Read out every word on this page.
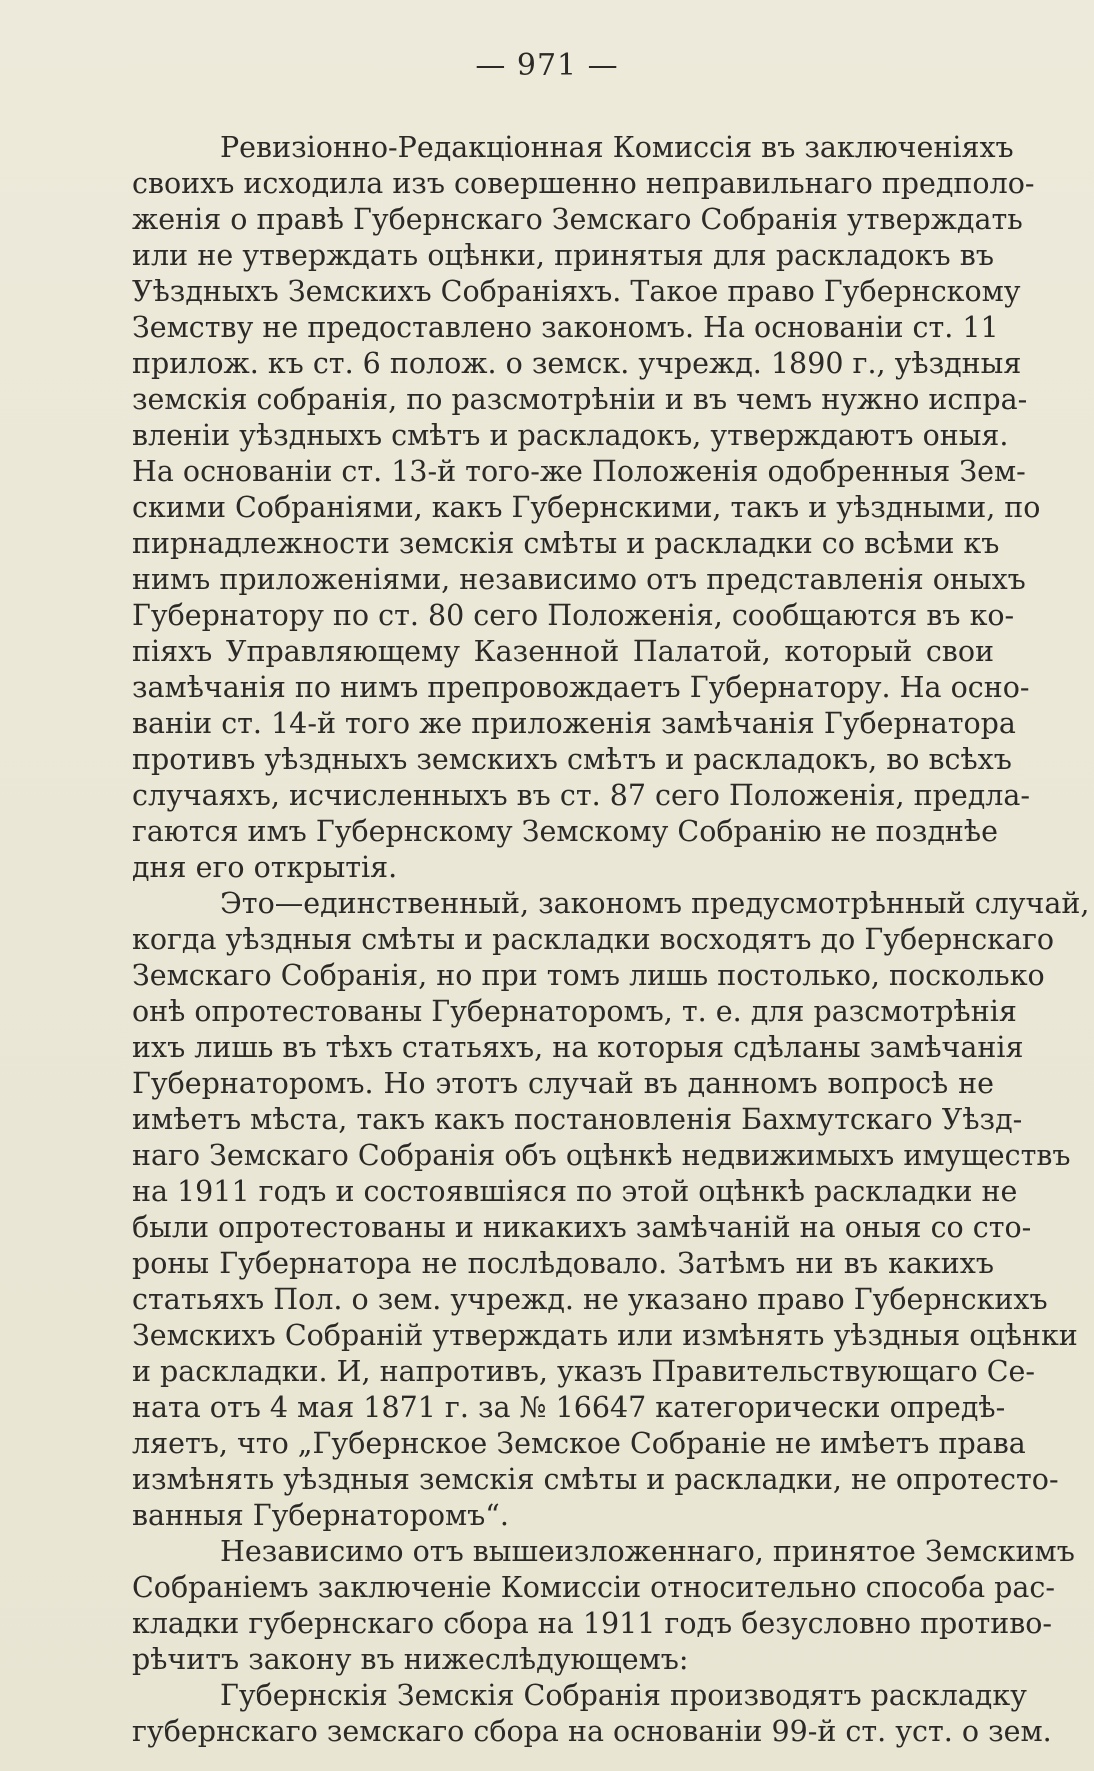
— 971 —
Ревизіонно-Редакціонная Комиссія въ заключеніяхъ
своихъ исходила изъ совершенно неправильнаго предполо-
женія о правѣ Губернскаго Земскаго Собранія утверждать
или не утверждать оцѣнки, принятыя для раскладокъ въ
Уѣздныхъ Земскихъ Собраніяхъ. Такое право Губернскому
Земству не предоставлено закономъ. На основаніи ст. 11
прилож. къ ст. 6 полож. о земск. учрежд. 1890 г., уѣздныя
земскія собранія, по разсмотрѣніи и въ чемъ нужно испра-
вленіи уѣздныхъ смѣтъ и раскладокъ, утверждаютъ оныя.
На основаніи ст. 13-й того-же Положенія одобренныя Зем-
скими Собраніями, какъ Губернскими, такъ и уѣздными, по
пирнадлежности земскія смѣты и раскладки со всѣми къ
нимъ приложеніями, независимо отъ представленія оныхъ
Губернатору по ст. 80 сего Положенія, сообщаются въ ко-
піяхъ Управляющему Казенной Палатой, который свои
замѣчанія по нимъ препровождаетъ Губернатору. На осно-
ваніи ст. 14-й того же приложенія замѣчанія Губернатора
противъ уѣздныхъ земскихъ смѣтъ и раскладокъ, во всѣхъ
случаяхъ, исчисленныхъ въ ст. 87 сего Положенія, предла-
гаются имъ Губернскому Земскому Собранію не позднѣе
дня его открытія.
Это—единственный, закономъ предусмотрѣнный случай,
когда уѣздныя смѣты и раскладки восходятъ до Губернскаго
Земскаго Собранія, но при томъ лишь постолько, посколько
онѣ опротестованы Губернаторомъ, т. е. для разсмотрѣнія
ихъ лишь въ тѣхъ статьяхъ, на которыя сдѣланы замѣчанія
Губернаторомъ. Но этотъ случай въ данномъ вопросѣ не
имѣетъ мѣста, такъ какъ постановленія Бахмутскаго Уѣзд-
наго Земскаго Собранія объ оцѣнкѣ недвижимыхъ имуществъ
на 1911 годъ и состоявшіяся по этой оцѣнкѣ раскладки не
были опротестованы и никакихъ замѣчаній на оныя со сто-
роны Губернатора не послѣдовало. Затѣмъ ни въ какихъ
статьяхъ Пол. о зем. учрежд. не указано право Губернскихъ
Земскихъ Собраній утверждать или измѣнять уѣздныя оцѣнки
и раскладки. И, напротивъ, указъ Правительствующаго Се-
ната отъ 4 мая 1871 г. за № 16647 категорически опредѣ-
ляетъ, что „Губернское Земское Собраніе не имѣетъ права
измѣнять уѣздныя земскія смѣты и раскладки, не опротесто-
ванныя Губернаторомъ“.
Независимо отъ вышеизложеннаго, принятое Земскимъ
Собраніемъ заключеніе Комиссіи относительно способа рас-
кладки губернскаго сбора на 1911 годъ безусловно противо-
рѣчитъ закону въ нижеслѣдующемъ:
Губернскія Земскія Собранія производятъ раскладку
губернскаго земскаго сбора на основаніи 99-й ст. уст. о зем.
